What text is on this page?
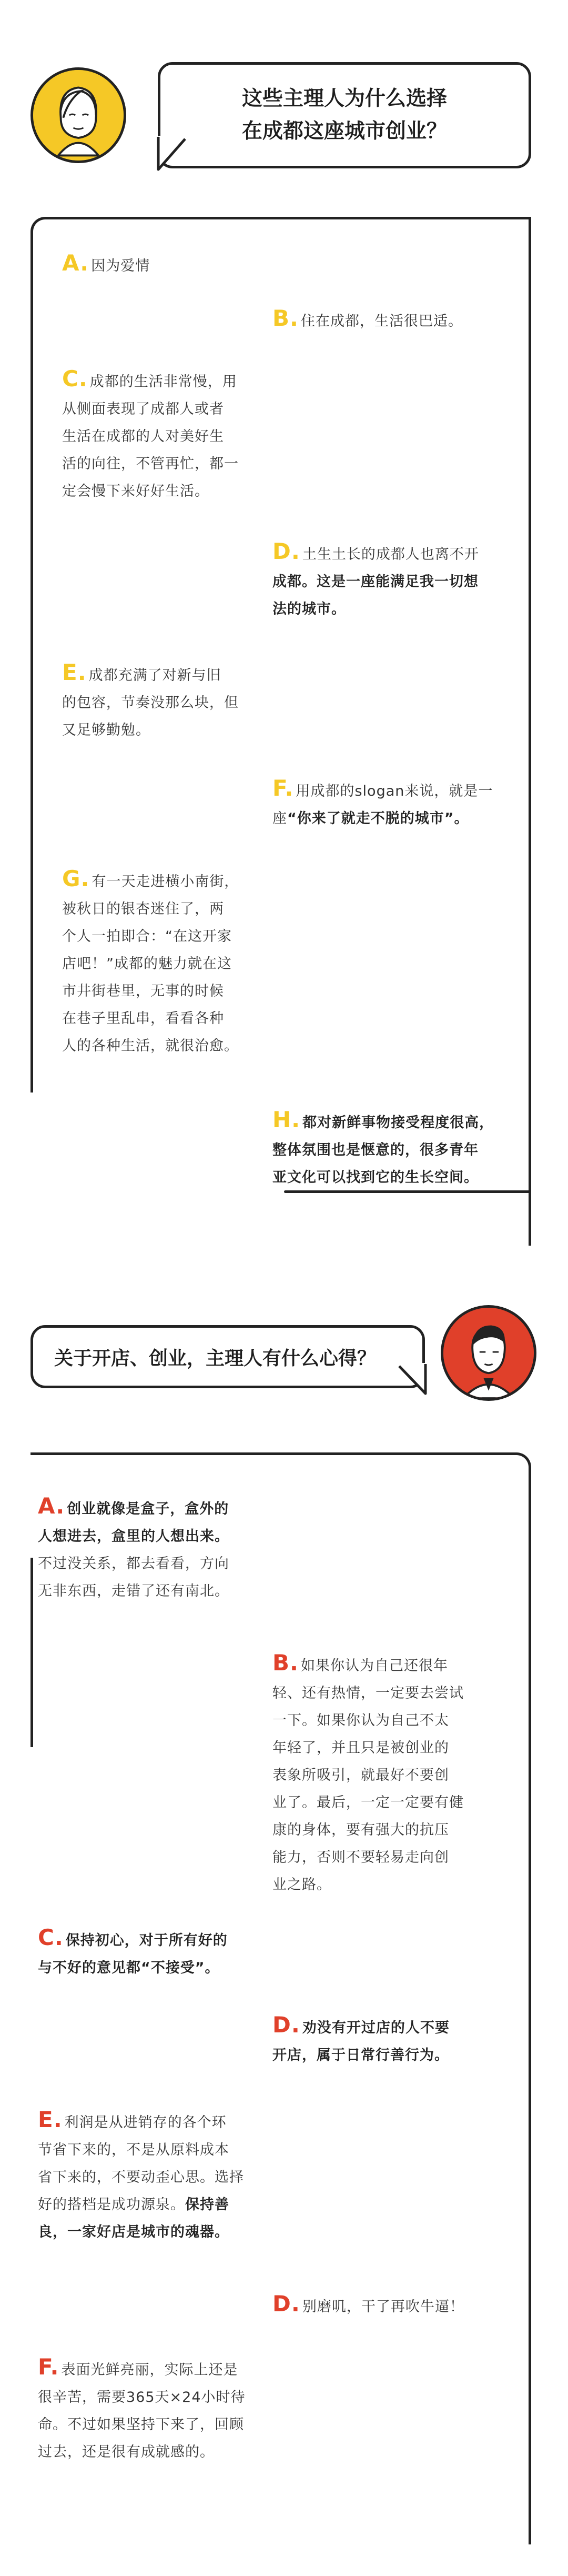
这些主理人为什么选择
在成都这座城市创业？
A. 因为爱情
B. 住在成都，生活很巴适。
C. 成都的生活非常慢，用
从侧面表现了成都人或者
生活在成都的人对美好生
活的向往，不管再忙，都一
定会慢下来好好生活。
D. 土生土长的成都人也离不开
成都。这是一座能满足我一切想
法的城市。
E. 成都充满了对新与旧
的包容，节奏没那么块，但
又足够勤勉。
F. 用成都的slogan来说，就是一
座“你来了就走不脱的城市”。
G. 有一天走进横小南街，
被秋日的银杏迷住了，两
个人一拍即合：“在这开家
店吧！”成都的魅力就在这
市井街巷里，无事的时候
在巷子里乱串，看看各种
人的各种生活，就很治愈。
H. 都对新鲜事物接受程度很高，
整体氛围也是惬意的，很多青年
亚文化可以找到它的生长空间。
关于开店、创业，主理人有什么心得？
A. 创业就像是盒子，盒外的
人想进去，盒里的人想出来。
不过没关系，都去看看，方向
无非东西，走错了还有南北。
B. 如果你认为自己还很年
轻、还有热情，一定要去尝试
一下。如果你认为自己不太
年轻了，并且只是被创业的
表象所吸引，就最好不要创
业了。最后，一定一定要有健
康的身体，要有强大的抗压
能力，否则不要轻易走向创
业之路。
C. 保持初心，对于所有好的
与不好的意见都“不接受”。
D. 劝没有开过店的人不要
开店，属于日常行善行为。
E. 利润是从进销存的各个环
节省下来的，不是从原料成本
省下来的，不要动歪心思。选择
好的搭档是成功源泉。保持善
良，一家好店是城市的魂器。
D. 别磨叽，干了再吹牛逼！
F. 表面光鲜亮丽，实际上还是
很辛苦，需要365天×24小时待
命。不过如果坚持下来了，回顾
过去，还是很有成就感的。
